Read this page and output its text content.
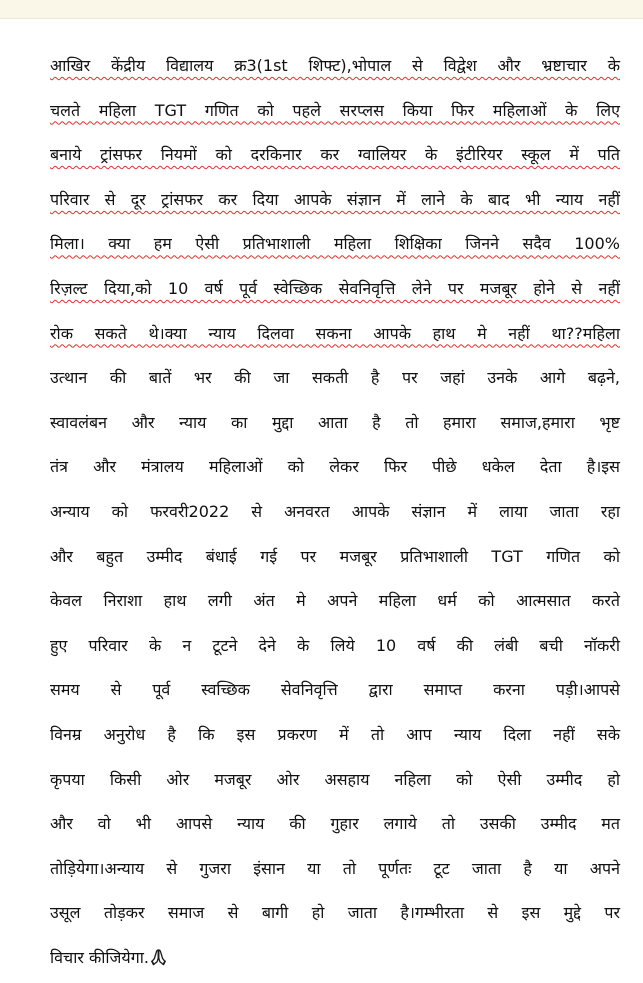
आखिर केंद्रीय विद्यालय क्र3(1st शिफ्ट),भोपाल से विद्वेश और भ्रष्टाचार के
चलते महिला TGT गणित को पहले सरप्लस किया फिर महिलाओं के लिए
बनाये ट्रांसफर नियमों को दरकिनार कर ग्वालियर के इंटीरियर स्कूल में पति
परिवार से दूर ट्रांसफर कर दिया आपके संज्ञान में लाने के बाद भी न्याय नहीं
मिला। क्या हम ऐसी प्रतिभाशाली महिला शिक्षिका जिनने सदैव 100%
रिज़ल्ट दिया,को 10 वर्ष पूर्व स्वेच्छिक सेवनिवृत्ति लेने पर मजबूर होने से नहीं
रोक सकते थे।क्या न्याय दिलवा सकना आपके हाथ मे नहीं था??महिला
उत्थान की बातें भर की जा सकती है पर जहां उनके आगे बढ़ने,
स्वावलंबन और न्याय का मुद्दा आता है तो हमारा समाज,हमारा भृष्ट
तंत्र और मंत्रालय महिलाओं को लेकर फिर पीछे धकेल देता है।इस
अन्याय को फरवरी2022 से अनवरत आपके संज्ञान में लाया जाता रहा
और बहुत उम्मीद बंधाई गई पर मजबूर प्रतिभाशाली TGT गणित को
केवल निराशा हाथ लगी अंत मे अपने महिला धर्म को आत्मसात करते
हुए परिवार के न टूटने देने के लिये 10 वर्ष की लंबी बची नॉकरी
समय से पूर्व स्वच्छिक सेवनिवृत्ति द्वारा समाप्त करना पड़ी।आपसे
विनम्र अनुरोध है कि इस प्रकरण में तो आप न्याय दिला नहीं सके
कृपया किसी ओर मजबूर ओर असहाय नहिला को ऐसी उम्मीद हो
और वो भी आपसे न्याय की गुहार लगाये तो उसकी उम्मीद मत
तोड़ियेगा।अन्याय से गुजरा इंसान या तो पूर्णतः टूट जाता है या अपने
उसूल तोड़कर समाज से बागी हो जाता है।गम्भीरता से इस मुद्दे पर
विचार कीजियेगा.
